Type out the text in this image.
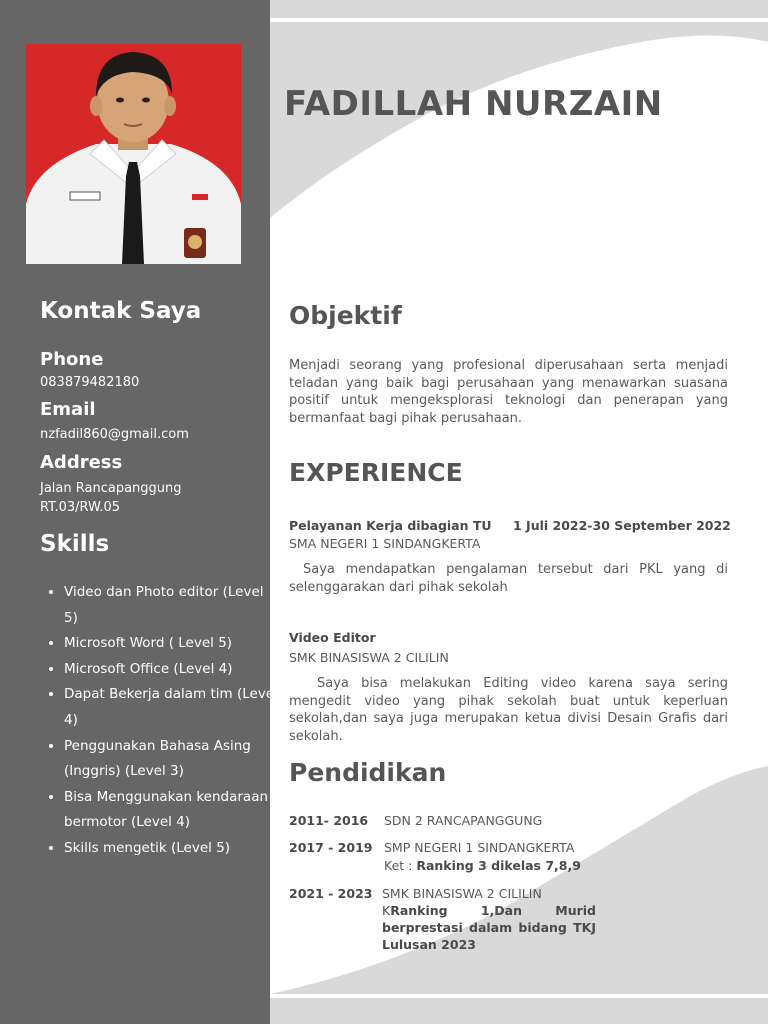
Kontak Saya
Phone
083879482180
Email
nzfadil860@gmail.com
Address
Jalan Rancapanggung
RT.03/RW.05
Skills
• Video dan Photo editor (Level 5)
• Microsoft Word ( Level 5)
• Microsoft Office (Level 4)
• Dapat Bekerja dalam tim (Level 4)
• Penggunakan Bahasa Asing (Inggris) (Level 3)
• Bisa Menggunakan kendaraan bermotor (Level 4)
• Skills mengetik (Level 5)
FADILLAH NURZAIN
Objektif

Menjadi seorang yang profesional diperusahaan serta menjadi teladan yang baik bagi perusahaan yang menawarkan suasana positif untuk mengeksplorasi teknologi dan penerapan yang bermanfaat bagi pihak perusahaan.

EXPERIENCE
Pelayanan Kerja dibagian TU 1 Juli 2022-30 September 2022
SMA NEGERI 1 SINDANGKERTA

Saya mendapatkan pengalaman tersebut dari PKL yang di selenggarakan dari pihak sekolah

Video Editor
SMK BINASISWA 2 CILILIN

Saya bisa melakukan Editing video karena saya sering mengedit video yang pihak sekolah buat untuk keperluan sekolah,dan saya juga merupakan ketua divisi Desain Grafis dari sekolah.

Pendidikan
2011- 2016 SDN 2 RANCAPANGGUNG
2017 - 2019 SMP NEGERI 1 SINDANGKERTA
Ket : Ranking 3 dikelas 7,8,9
2021 - 2023 SMK BINASISWA 2 CILILIN
KRanking 1,Dan Murid berprestasi dalam bidang TKJ Lulusan 2023
